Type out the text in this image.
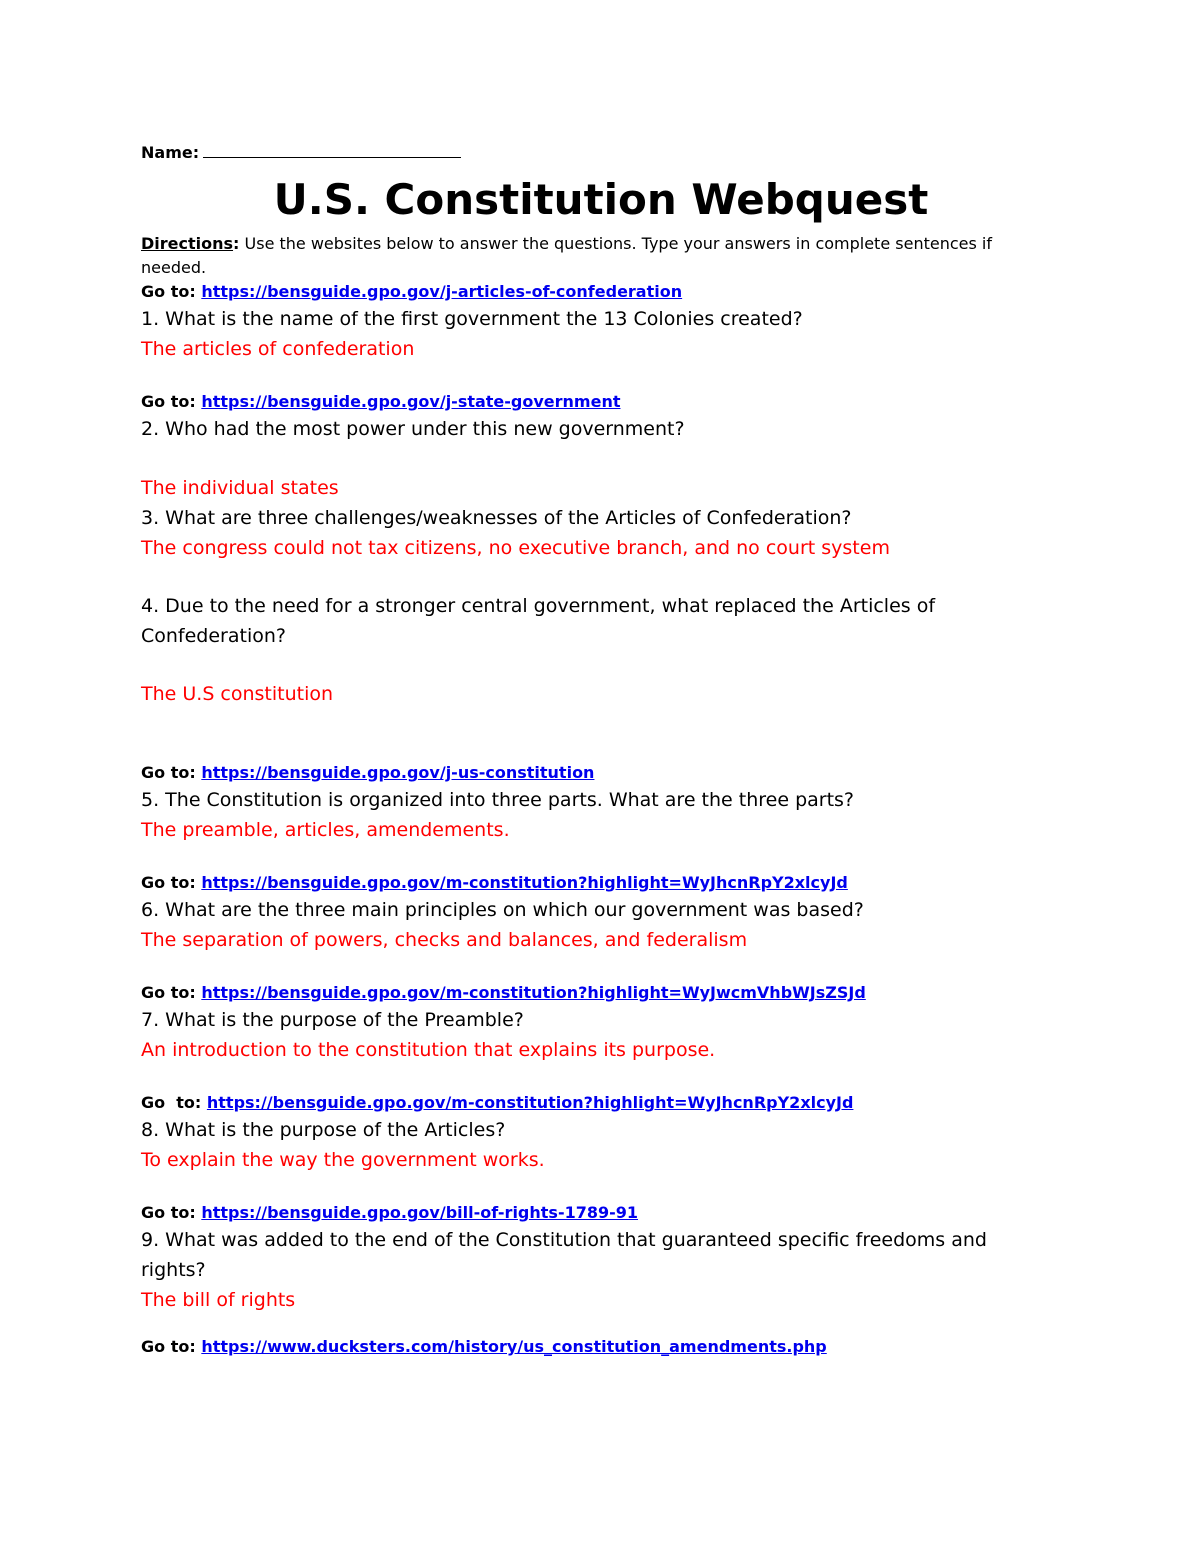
Name:
U.S. Constitution Webquest
Directions: Use the websites below to answer the questions. Type your answers in complete sentences if needed.
Go to: https://bensguide.gpo.gov/j-articles-of-confederation
1. What is the name of the first government the 13 Colonies created?
The articles of confederation
Go to: https://bensguide.gpo.gov/j-state-government
2. Who had the most power under this new government?
The individual states
3. What are three challenges/weaknesses of the Articles of Confederation?
The congress could not tax citizens, no executive branch, and no court system
4. Due to the need for a stronger central government, what replaced the Articles of Confederation?
The U.S constitution
Go to: https://bensguide.gpo.gov/j-us-constitution
5. The Constitution is organized into three parts. What are the three parts?
The preamble, articles, amendements.
Go to: https://bensguide.gpo.gov/m-constitution?highlight=WyJhcnRpY2xlcyJd
6. What are the three main principles on which our government was based?
The separation of powers, checks and balances, and federalism
Go to: https://bensguide.gpo.gov/m-constitution?highlight=WyJwcmVhbWJsZSJd
7. What is the purpose of the Preamble?
An introduction to the constitution that explains its purpose.
Go  to: https://bensguide.gpo.gov/m-constitution?highlight=WyJhcnRpY2xlcyJd
8. What is the purpose of the Articles?
To explain the way the government works.
Go to: https://bensguide.gpo.gov/bill-of-rights-1789-91
9. What was added to the end of the Constitution that guaranteed specific freedoms and rights?
The bill of rights
Go to: https://www.ducksters.com/history/us_constitution_amendments.php
